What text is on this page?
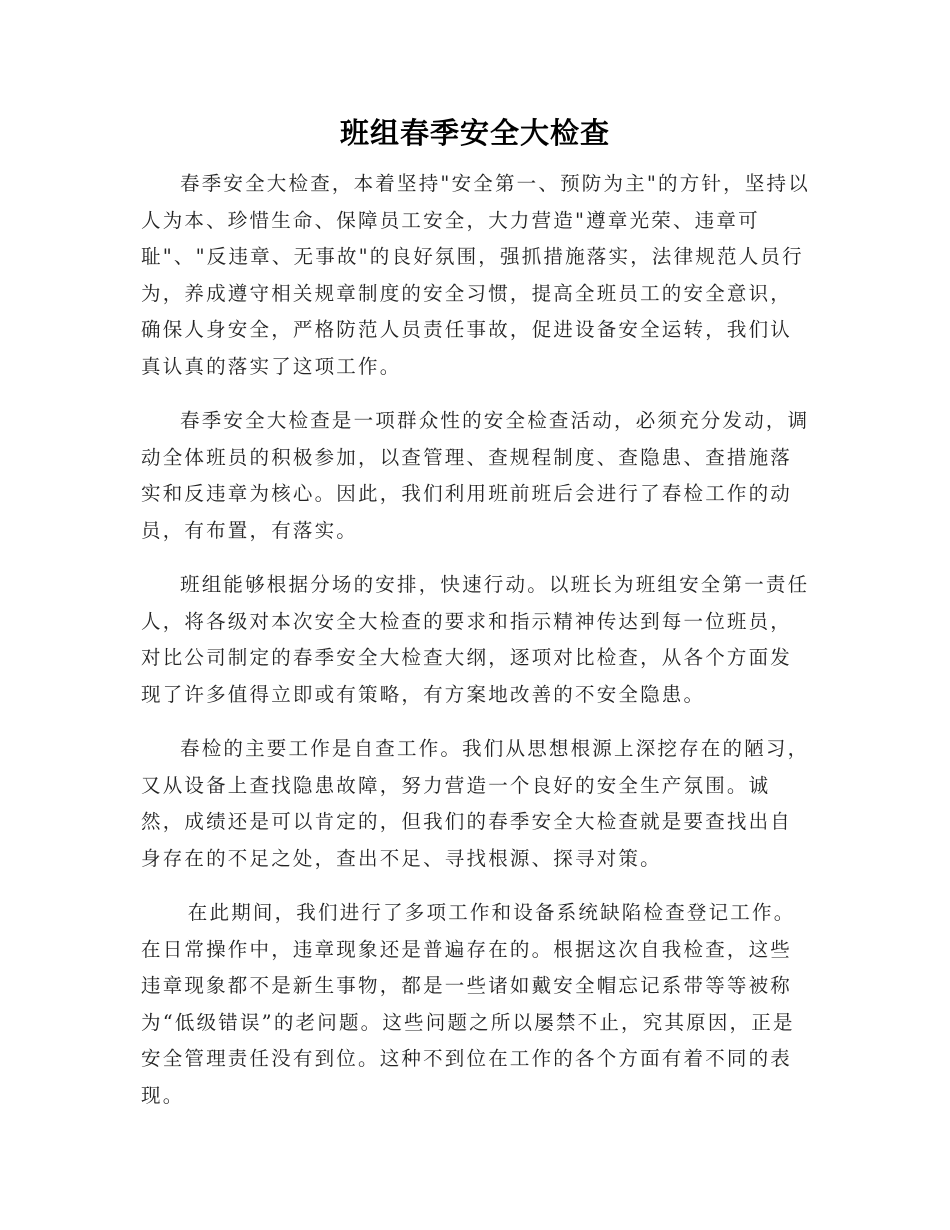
班组春季安全大检查

春季安全大检查，本着坚持"安全第一、预防为主"的方针，坚持以人为本、珍惜生命、保障员工安全，大力营造"遵章光荣、违章可耻"、"反违章、无事故"的良好氛围，强抓措施落实，法律规范人员行为，养成遵守相关规章制度的安全习惯，提高全班员工的安全意识，确保人身安全，严格防范人员责任事故，促进设备安全运转，我们认真认真的落实了这项工作。

春季安全大检查是一项群众性的安全检查活动，必须充分发动，调动全体班员的积极参加，以查管理、查规程制度、查隐患、查措施落实和反违章为核心。因此，我们利用班前班后会进行了春检工作的动员，有布置，有落实。

班组能够根据分场的安排，快速行动。以班长为班组安全第一责任人，将各级对本次安全大检查的要求和指示精神传达到每一位班员，对比公司制定的春季安全大检查大纲，逐项对比检查，从各个方面发现了许多值得立即或有策略，有方案地改善的不安全隐患。

春检的主要工作是自查工作。我们从思想根源上深挖存在的陋习，又从设备上查找隐患故障，努力营造一个良好的安全生产氛围。诚然，成绩还是可以肯定的，但我们的春季安全大检查就是要查找出自身存在的不足之处，查出不足、寻找根源、探寻对策。

在此期间，我们进行了多项工作和设备系统缺陷检查登记工作。在日常操作中，违章现象还是普遍存在的。根据这次自我检查，这些违章现象都不是新生事物，都是一些诸如戴安全帽忘记系带等等被称为“低级错误”的老问题。这些问题之所以屡禁不止，究其原因，正是安全管理责任没有到位。这种不到位在工作的各个方面有着不同的表现。
